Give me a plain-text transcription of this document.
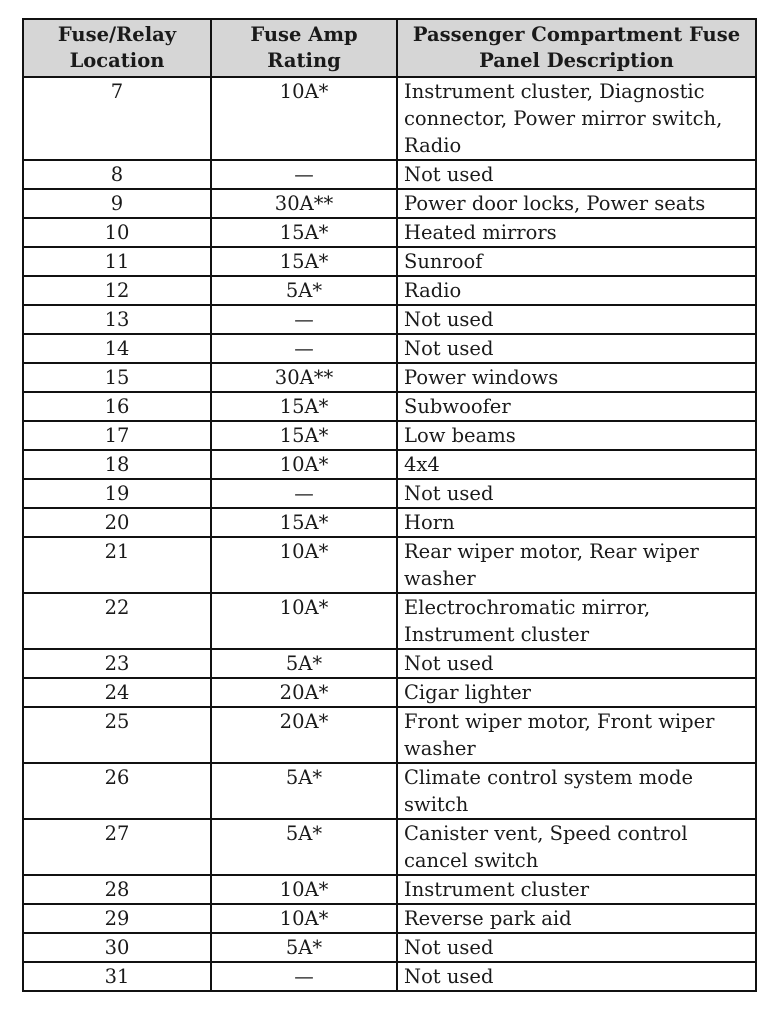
Fuse/Relay Location	Fuse Amp Rating	Passenger Compartment Fuse Panel Description
7	10A*	Instrument cluster, Diagnostic connector, Power mirror switch, Radio
8	—	Not used
9	30A**	Power door locks, Power seats
10	15A*	Heated mirrors
11	15A*	Sunroof
12	5A*	Radio
13	—	Not used
14	—	Not used
15	30A**	Power windows
16	15A*	Subwoofer
17	15A*	Low beams
18	10A*	4x4
19	—	Not used
20	15A*	Horn
21	10A*	Rear wiper motor, Rear wiper washer
22	10A*	Electrochromatic mirror, Instrument cluster
23	5A*	Not used
24	20A*	Cigar lighter
25	20A*	Front wiper motor, Front wiper washer
26	5A*	Climate control system mode switch
27	5A*	Canister vent, Speed control cancel switch
28	10A*	Instrument cluster
29	10A*	Reverse park aid
30	5A*	Not used
31	—	Not used
